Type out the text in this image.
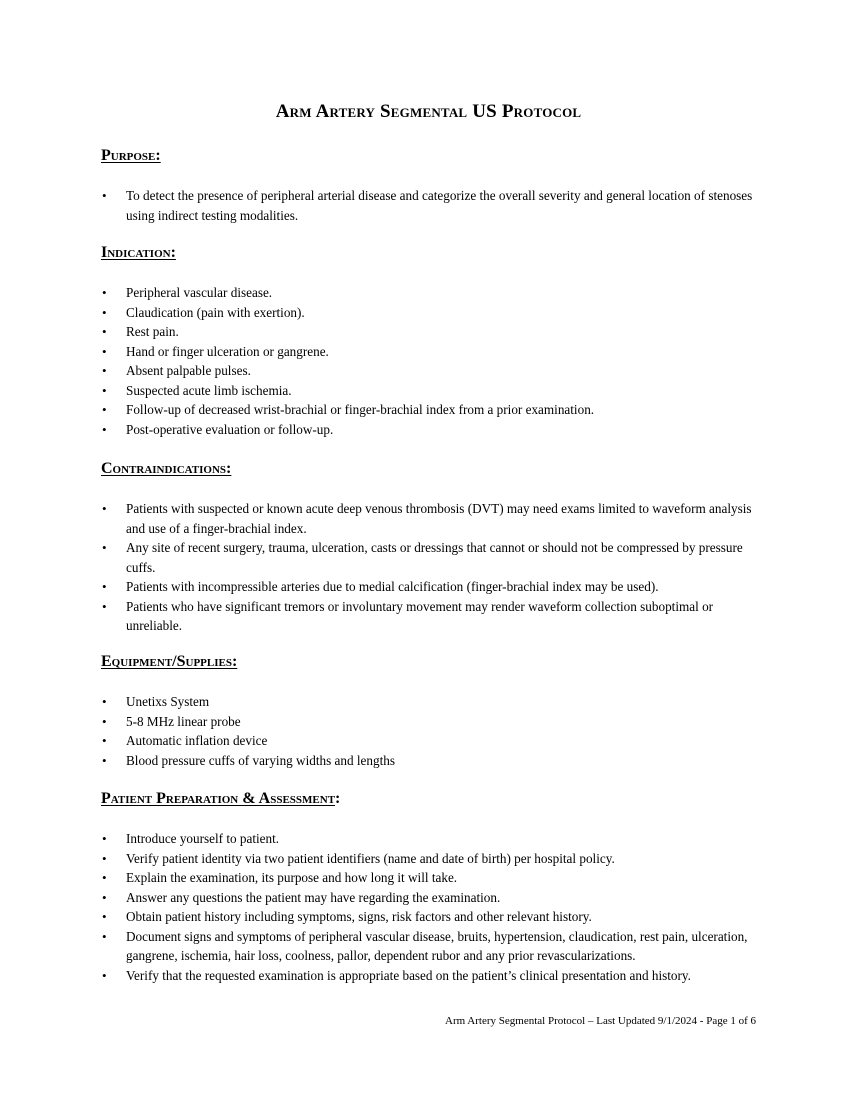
Arm Artery Segmental US Protocol
Purpose:
• To detect the presence of peripheral arterial disease and categorize the overall severity and general location of stenoses using indirect testing modalities.
Indication:
• Peripheral vascular disease.
• Claudication (pain with exertion).
• Rest pain.
• Hand or finger ulceration or gangrene.
• Absent palpable pulses.
• Suspected acute limb ischemia.
• Follow-up of decreased wrist-brachial or finger-brachial index from a prior examination.
• Post-operative evaluation or follow-up.
Contraindications:
• Patients with suspected or known acute deep venous thrombosis (DVT) may need exams limited to waveform analysis and use of a finger-brachial index.
• Any site of recent surgery, trauma, ulceration, casts or dressings that cannot or should not be compressed by pressure cuffs.
• Patients with incompressible arteries due to medial calcification (finger-brachial index may be used).
• Patients who have significant tremors or involuntary movement may render waveform collection suboptimal or unreliable.
Equipment/Supplies:
• Unetixs System
• 5-8 MHz linear probe
• Automatic inflation device
• Blood pressure cuffs of varying widths and lengths
Patient Preparation & Assessment:
• Introduce yourself to patient.
• Verify patient identity via two patient identifiers (name and date of birth) per hospital policy.
• Explain the examination, its purpose and how long it will take.
• Answer any questions the patient may have regarding the examination.
• Obtain patient history including symptoms, signs, risk factors and other relevant history.
• Document signs and symptoms of peripheral vascular disease, bruits, hypertension, claudication, rest pain, ulceration, gangrene, ischemia, hair loss, coolness, pallor, dependent rubor and any prior revascularizations.
• Verify that the requested examination is appropriate based on the patient’s clinical presentation and history.
Arm Artery Segmental Protocol – Last Updated 9/1/2024 - Page 1 of 6
